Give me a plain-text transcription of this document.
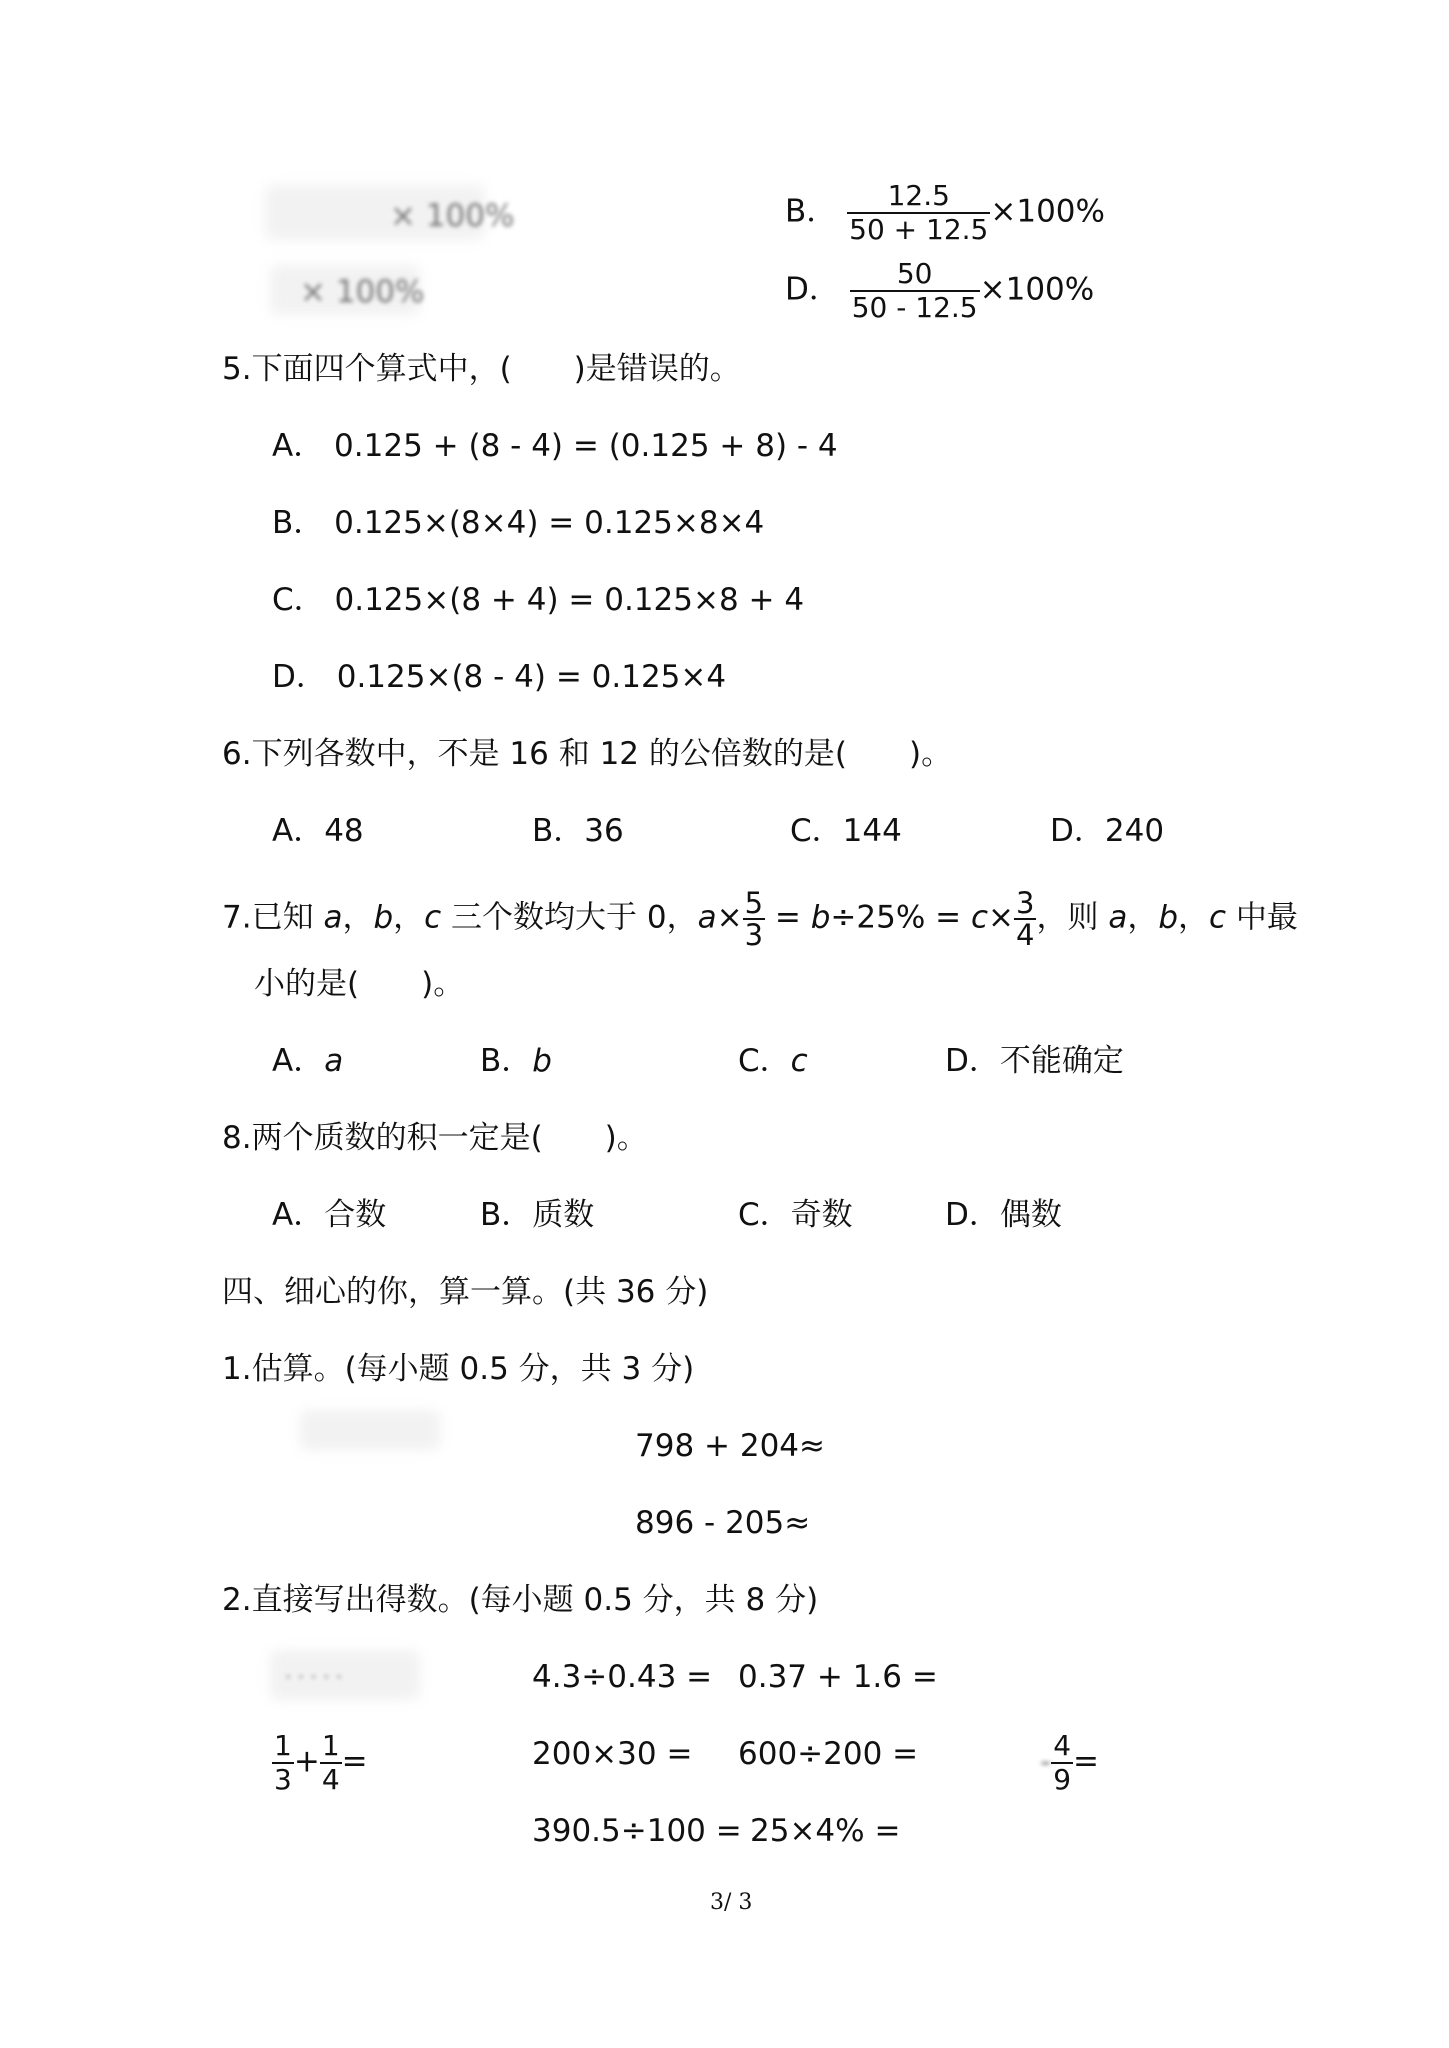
× 100%	B． $\frac{12.5}{50 + 12.5} \times 100\%$
× 100%	D． $\frac{50}{50 - 12.5} \times 100\%$
5.下面四个算式中，(　　)是错误的。
A． 0.125 + (8 - 4) = (0.125 + 8) - 4
B． 0.125×(8×4) = 0.125×8×4
C． 0.125×(8 + 4) = 0.125×8 + 4
D． 0.125×(8 - 4) = 0.125×4
6.下列各数中，不是 16 和 12 的公倍数的是(　　)。
A．48	B．36	C．144	D．240
7.已知 a，b，c 三个数均大于 0，$a\times \frac{5}{3} = b\div 25\% = c\times \frac{3}{4}$ ，则 a，b，c 中最
小的是(　　)。
A．a	B．b	C．c	D．不能确定
8.两个质数的积一定是(　　)。
A．合数	B．质数	C．奇数	D．偶数
四、细心的你，算一算。(共 36 分)
1.估算。(每小题 0.5 分，共 3 分)
798 + 204≈
896 - 205≈
2.直接写出得数。(每小题 0.5 分，共 8 分)
· · · · ·	4.3÷0.43 = 0.37 + 1.6 =
$\frac{1}{3} + \frac{1}{4}$ =	200×30 = 600÷200 =	- $\frac{4}{9}$ =
390.5÷100 = 25×4% =
3/ 3
